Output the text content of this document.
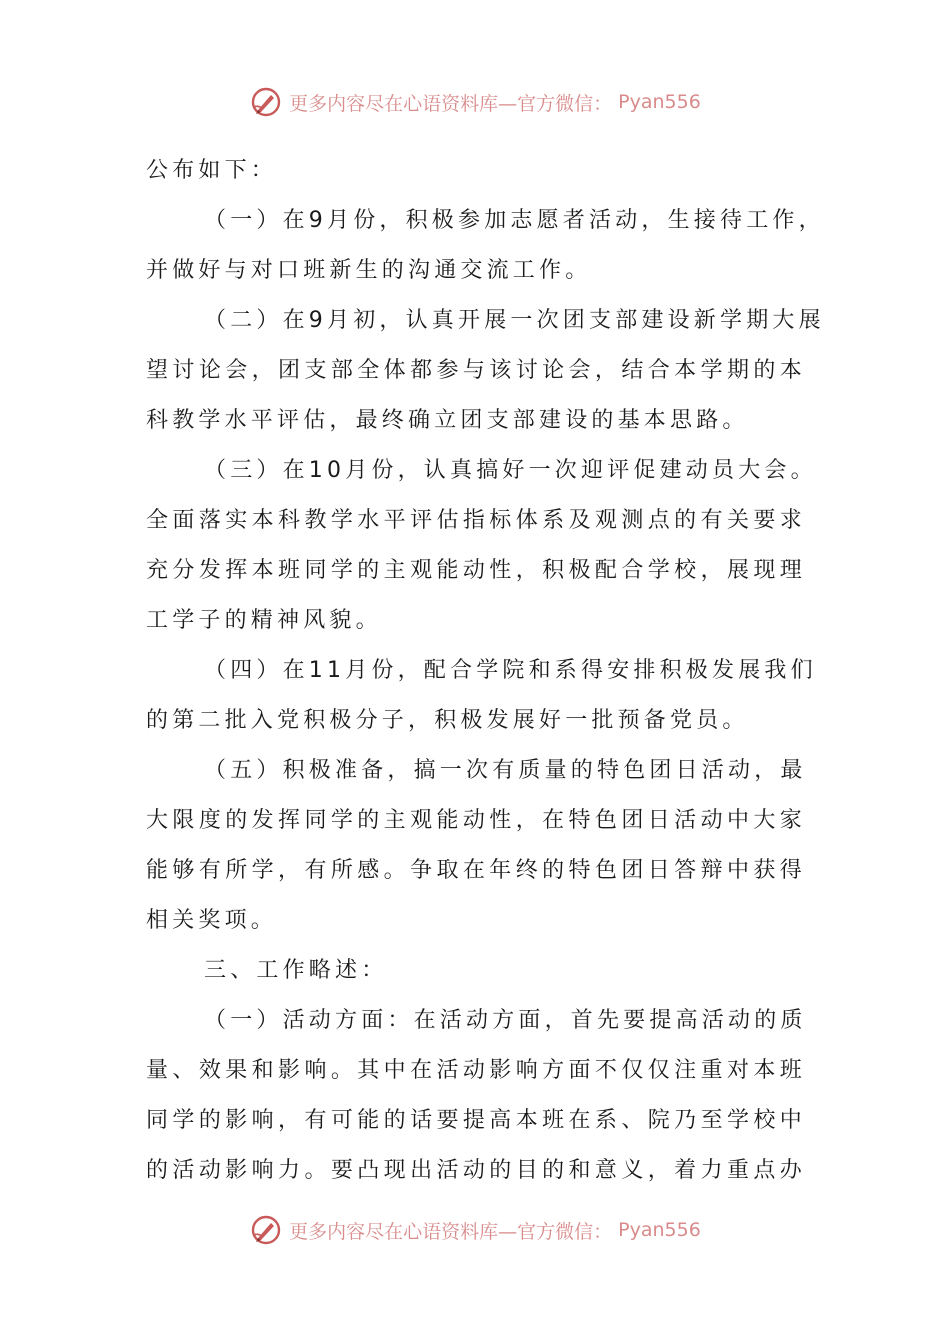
更多内容尽在心语资料库—官方微信： Pyan556
公布如下：
（一）在9月份，积极参加志愿者活动，生接待工作，
并做好与对口班新生的沟通交流工作。
（二）在9月初，认真开展一次团支部建设新学期大展
望讨论会，团支部全体都参与该讨论会，结合本学期的本
科教学水平评估，最终确立团支部建设的基本思路。
（三）在10月份，认真搞好一次迎评促建动员大会。
全面落实本科教学水平评估指标体系及观测点的有关要求
充分发挥本班同学的主观能动性，积极配合学校，展现理
工学子的精神风貌。
（四）在11月份，配合学院和系得安排积极发展我们
的第二批入党积极分子，积极发展好一批预备党员。
（五）积极准备，搞一次有质量的特色团日活动，最
大限度的发挥同学的主观能动性，在特色团日活动中大家
能够有所学，有所感。争取在年终的特色团日答辩中获得
相关奖项。
三、工作略述：
（一）活动方面：在活动方面，首先要提高活动的质
量、效果和影响。其中在活动影响方面不仅仅注重对本班
同学的影响，有可能的话要提高本班在系、院乃至学校中
的活动影响力。要凸现出活动的目的和意义，着力重点办
更多内容尽在心语资料库—官方微信： Pyan556
